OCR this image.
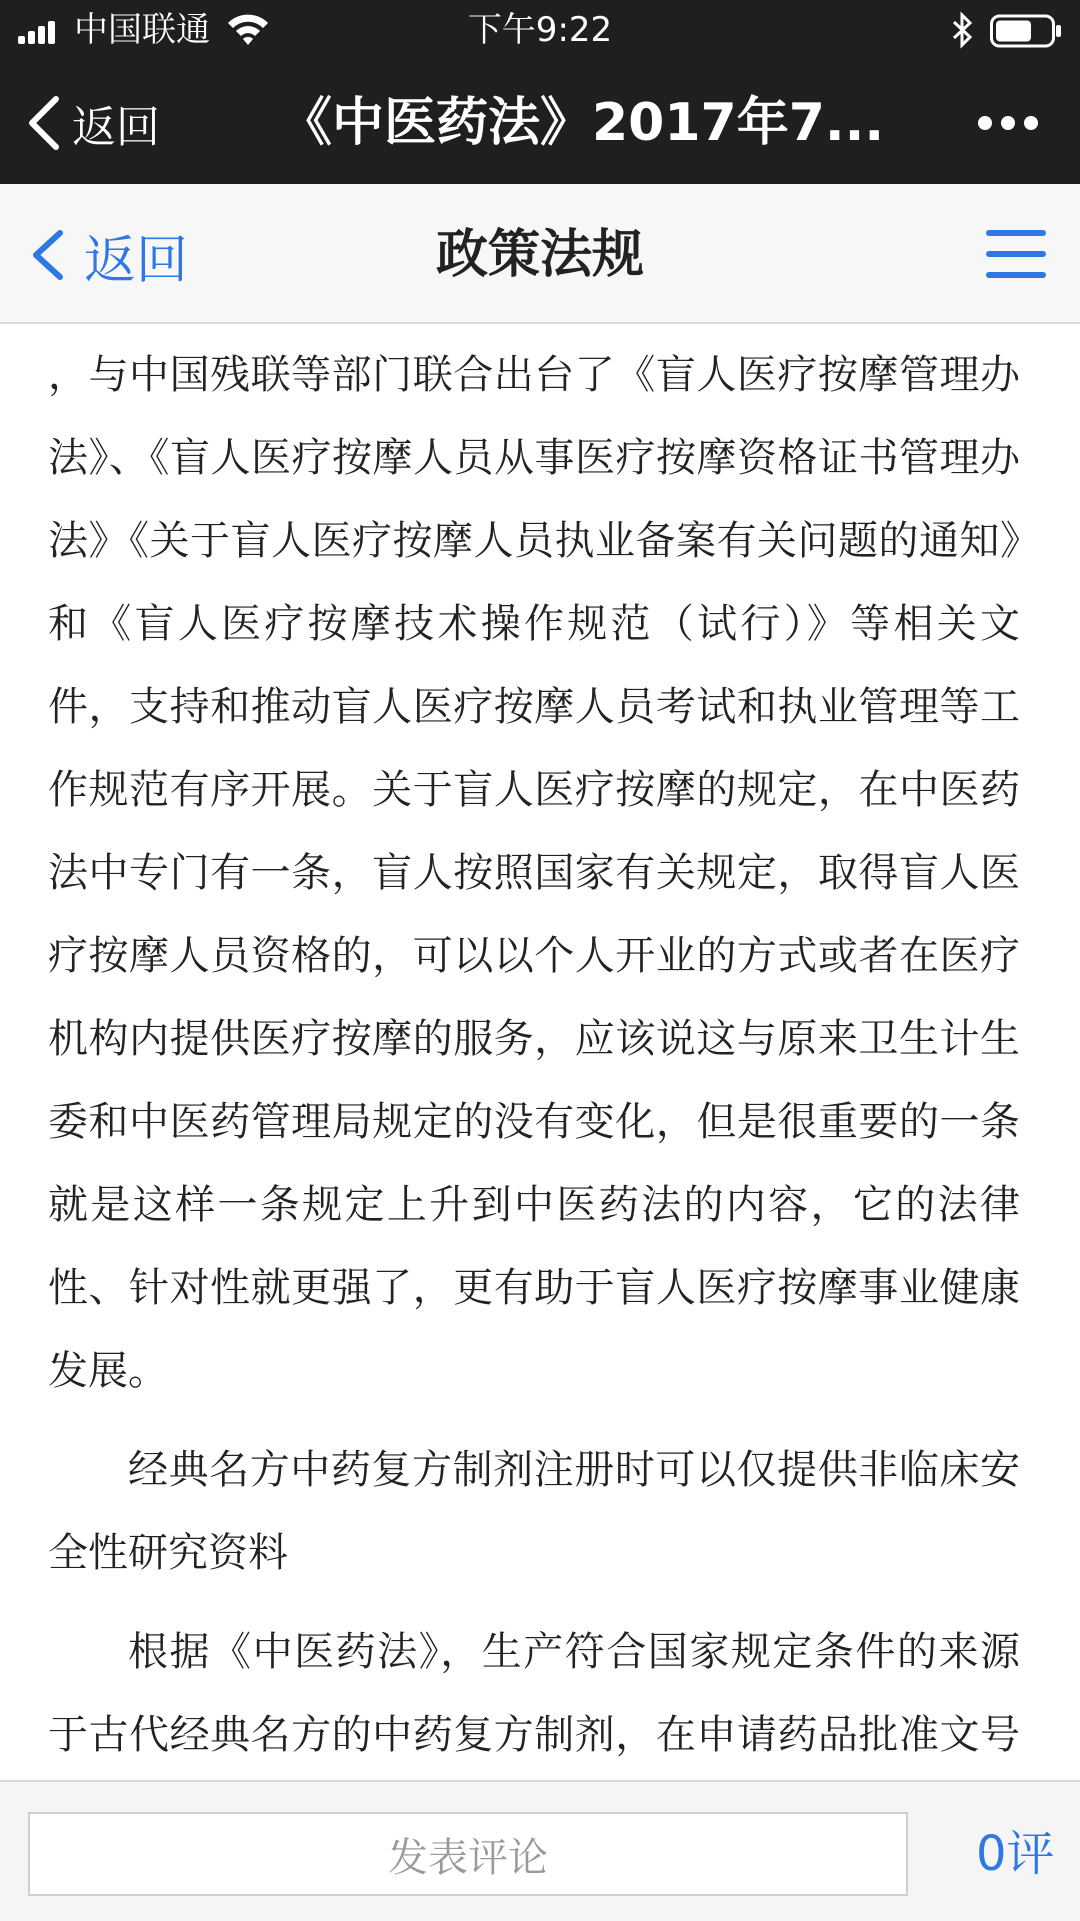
中国联通	下午9:22
返回 《中医药法》2017年7...
返回	政策法规

，与中国残联等部门联合出台了《盲人医疗按摩管理办法》、《盲人医疗按摩人员从事医疗按摩资格证书管理办法》《关于盲人医疗按摩人员执业备案有关问题的通知》和《盲人医疗按摩技术操作规范（试行）》等相关文件，支持和推动盲人医疗按摩人员考试和执业管理等工作规范有序开展。关于盲人医疗按摩的规定，在中医药法中专门有一条，盲人按照国家有关规定，取得盲人医疗按摩人员资格的，可以以个人开业的方式或者在医疗机构内提供医疗按摩的服务，应该说这与原来卫生计生委和中医药管理局规定的没有变化，但是很重要的一条就是这样一条规定上升到中医药法的内容，它的法律性、针对性就更强了，更有助于盲人医疗按摩事业健康发展。

经典名方中药复方制剂注册时可以仅提供非临床安全性研究资料

根据《中医药法》，生产符合国家规定条件的来源于古代经典名方的中药复方制剂，在申请药品批准文号

发表评论	0评
